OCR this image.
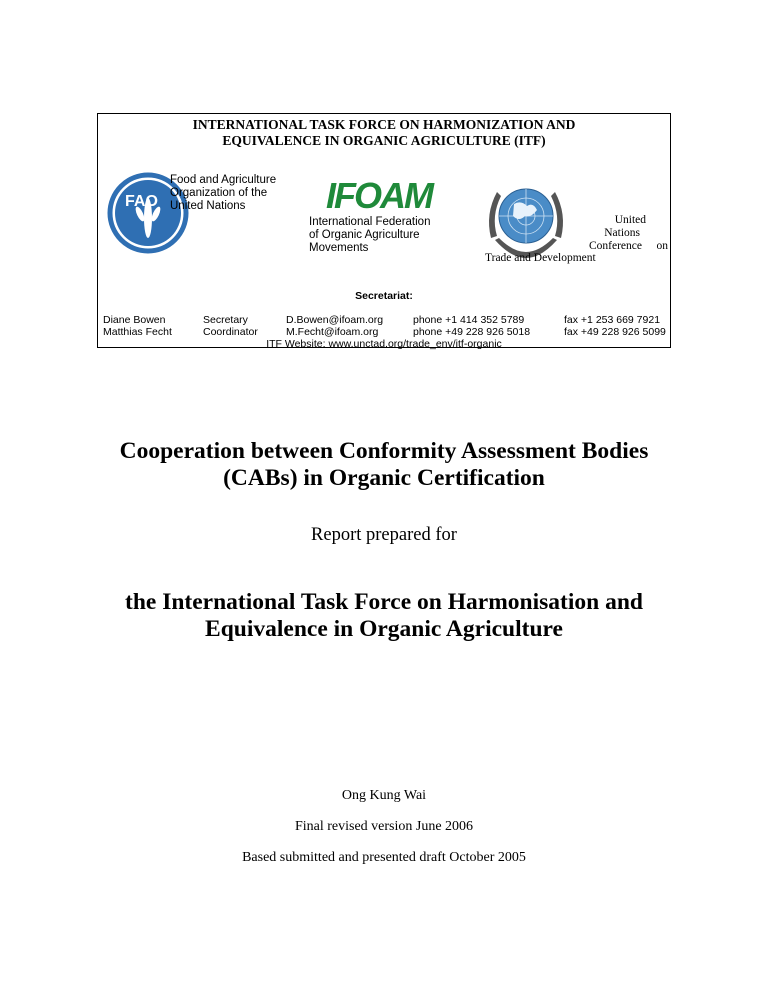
INTERNATIONAL TASK FORCE ON HARMONIZATION AND
EQUIVALENCE IN ORGANIC AGRICULTURE (ITF)
FAO
Food and Agriculture
Organization of the
United Nations	IFOAM
International Federation
of Organic Agriculture
Movements
United
Nations
Conference on
Trade and Development
Secretariat:
Diane Bowen	Secretary	D.Bowen@ifoam.org	phone +1 414 352 5789	fax +1 253 669 7921
Matthias Fecht	Coordinator	M.Fecht@ifoam.org	phone +49 228 926 5018	fax +49 228 926 5099
ITF Website: www.unctad.org/trade_env/itf-organic
Cooperation between Conformity Assessment Bodies
(CABs) in Organic Certification
Report prepared for
the International Task Force on Harmonisation and
Equivalence in Organic Agriculture
Ong Kung Wai
Final revised version June 2006
Based submitted and presented draft October 2005
